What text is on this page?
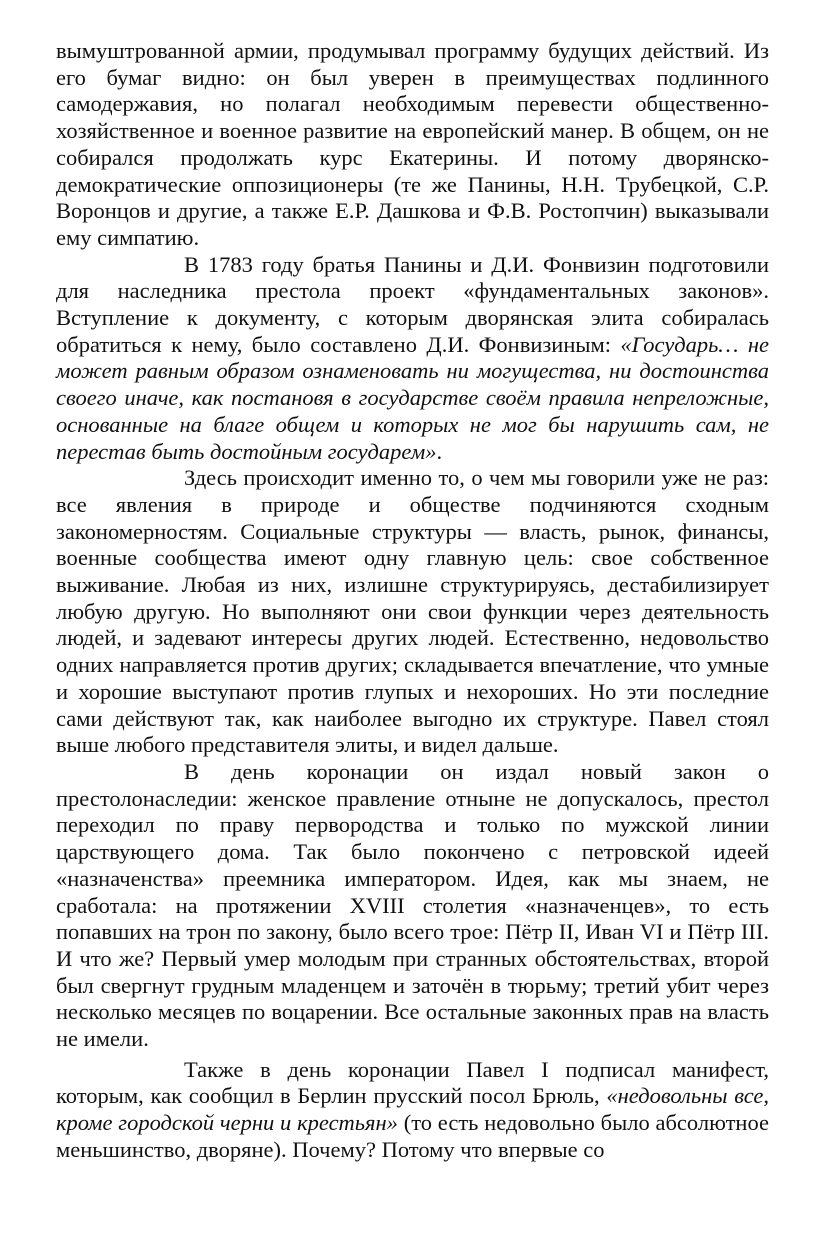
вымуштрованной армии, продумывал программу будущих действий. Из его бумаг видно: он был уверен в преимуществах подлинного самодержавия, но полагал необходимым перевести общественно-хозяйственное и военное развитие на европейский манер. В общем, он не собирался продолжать курс Екатерины. И потому дворянско-демократические оппозиционеры (те же Панины, Н.Н. Трубецкой, С.Р. Воронцов и другие, а также Е.Р. Дашкова и Ф.В. Ростопчин) выказывали ему симпатию.

В 1783 году братья Панины и Д.И. Фонвизин подготовили для наследника престола проект «фундаментальных законов». Вступление к документу, с которым дворянская элита собиралась обратиться к нему, было составлено Д.И. Фонвизиным: «Государь… не может равным образом ознаменовать ни могущества, ни достоинства своего иначе, как постановя в государстве своём правила непреложные, основанные на благе общем и которых не мог бы нарушить сам, не перестав быть достойным государем».

Здесь происходит именно то, о чем мы говорили уже не раз: все явления в природе и обществе подчиняются сходным закономерностям. Социальные структуры — власть, рынок, финансы, военные сообщества имеют одну главную цель: свое собственное выживание. Любая из них, излишне структурируясь, дестабилизирует любую другую. Но выполняют они свои функции через деятельность людей, и задевают интересы других людей. Естественно, недовольство одних направляется против других; складывается впечатление, что умные и хорошие выступают против глупых и нехороших. Но эти последние сами действуют так, как наиболее выгодно их структуре. Павел стоял выше любого представителя элиты, и видел дальше.

В день коронации он издал новый закон о престолонаследии: женское правление отныне не допускалось, престол переходил по праву первородства и только по мужской линии царствующего дома. Так было покончено с петровской идеей «назначенства» преемника императором. Идея, как мы знаем, не сработала: на протяжении XVIII столетия «назначенцев», то есть попавших на трон по закону, было всего трое: Пётр II, Иван VI и Пётр III. И что же? Первый умер молодым при странных обстоятельствах, второй был свергнут грудным младенцем и заточён в тюрьму; третий убит через несколько месяцев по воцарении. Все остальные законных прав на власть не имели.

Также в день коронации Павел I подписал манифест, которым, как сообщил в Берлин прусский посол Брюль, «недовольны все, кроме городской черни и крестьян» (то есть недовольно было абсолютное меньшинство, дворяне). Почему? Потому что впервые со
